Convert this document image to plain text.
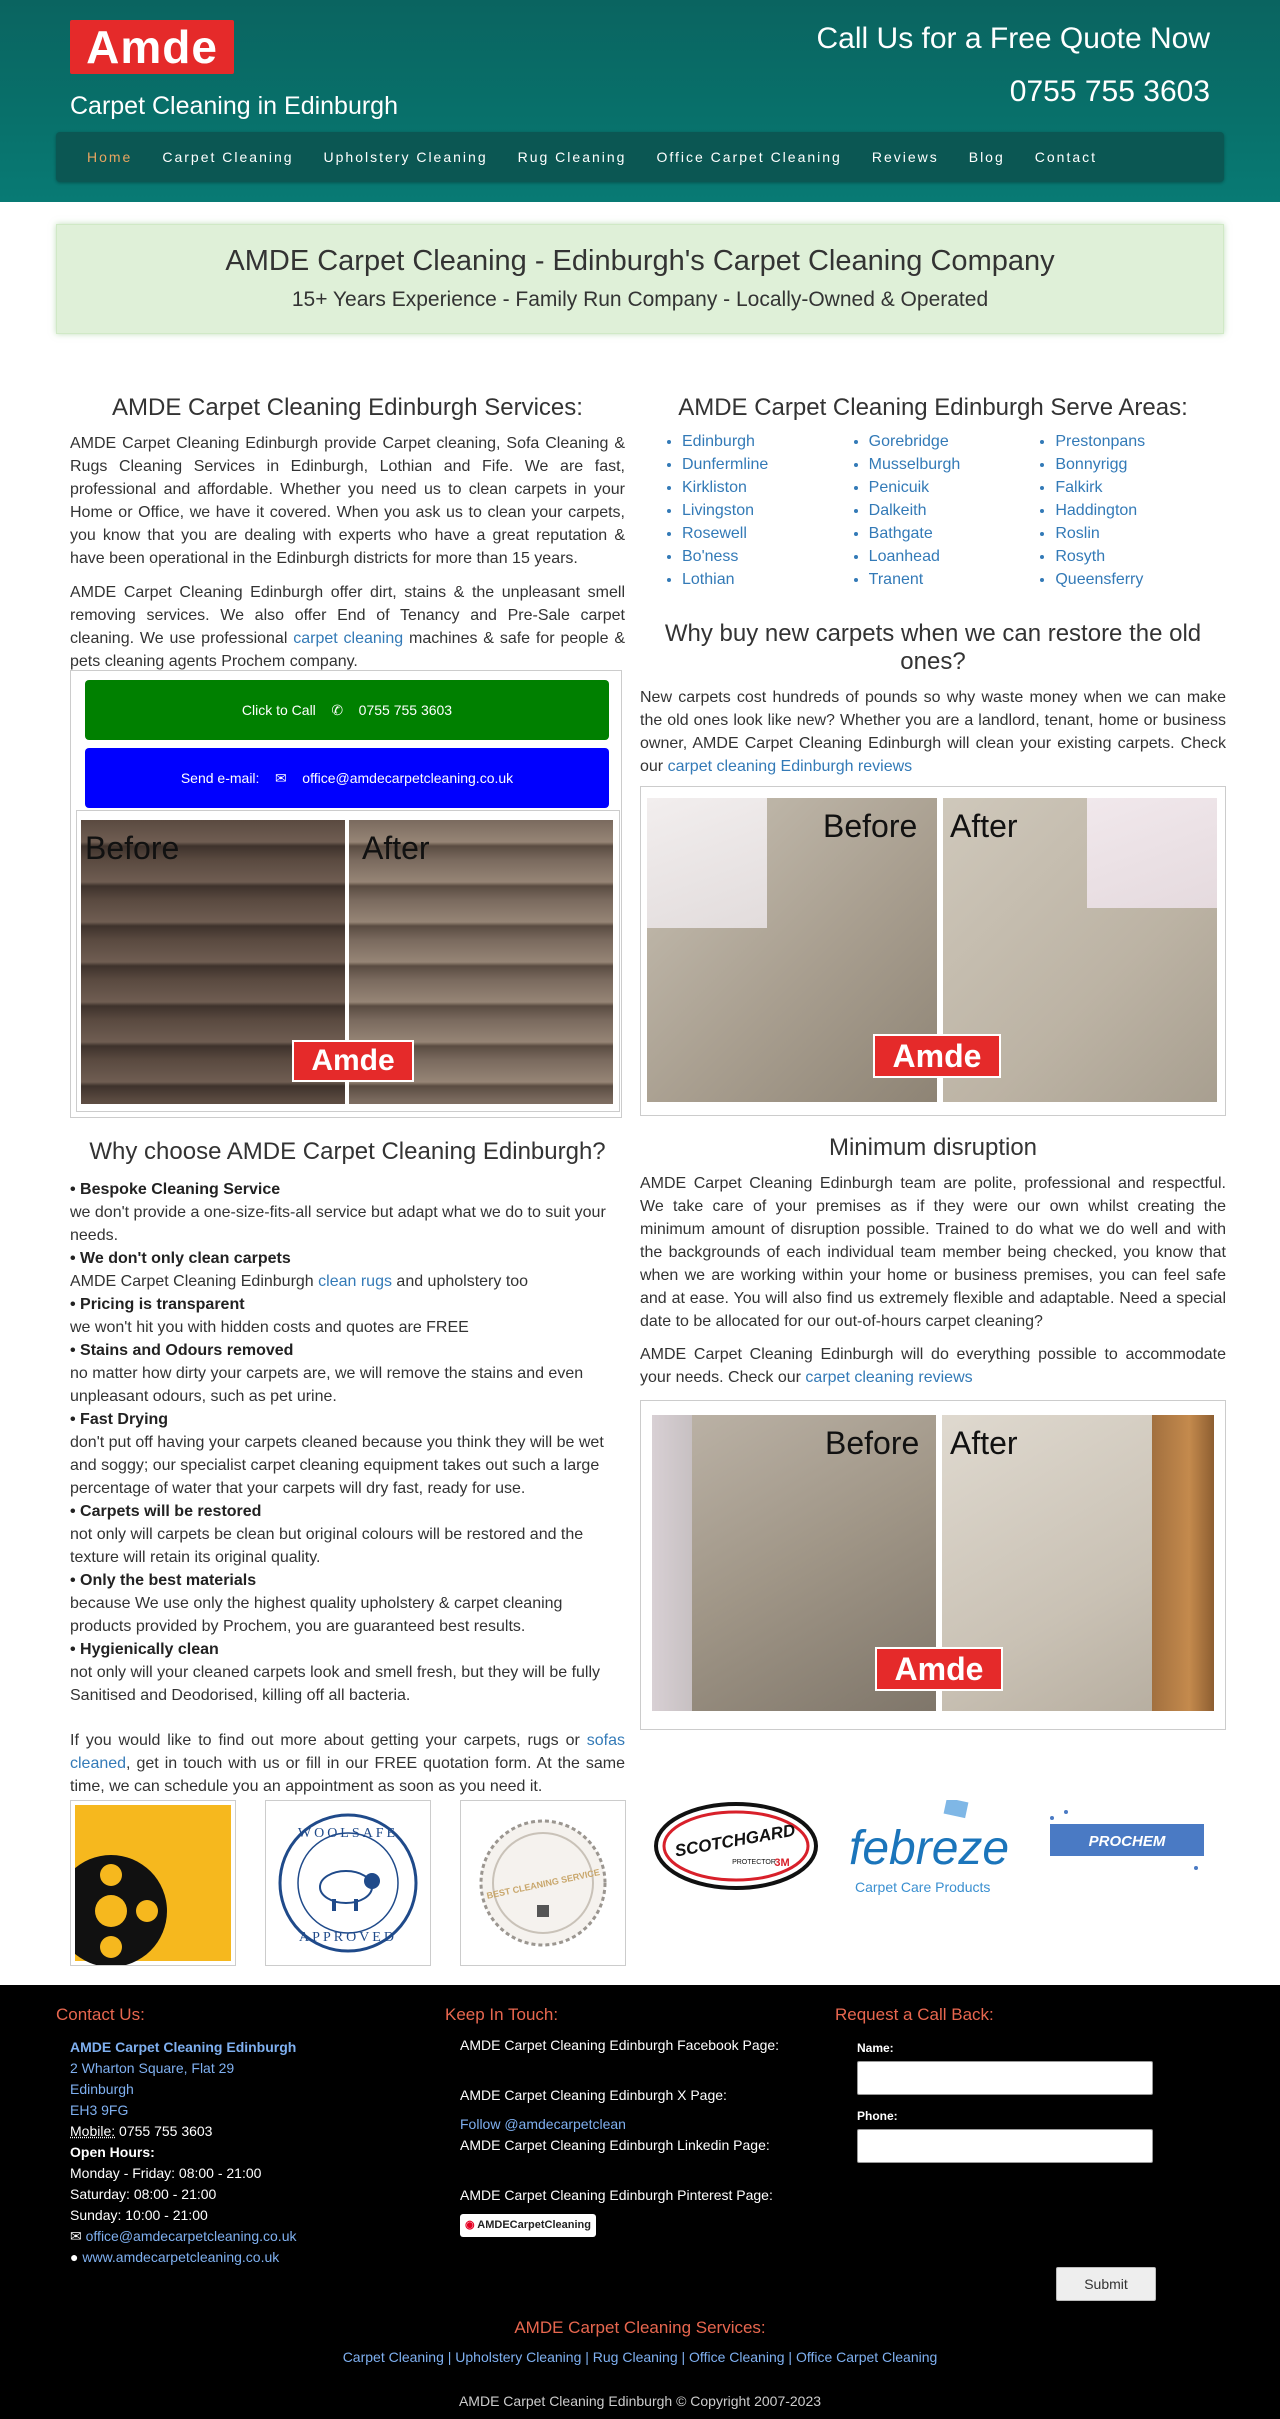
Amde
Carpet Cleaning in Edinburgh
Call Us for a Free Quote Now
0755 755 3603
Home	Carpet Cleaning	Upholstery Cleaning	Rug Cleaning	Office Carpet Cleaning	Reviews	Blog	Contact
AMDE Carpet Cleaning - Edinburgh's Carpet Cleaning Company
15+ Years Experience - Family Run Company - Locally-Owned & Operated
AMDE Carpet Cleaning Edinburgh Services:

AMDE Carpet Cleaning Edinburgh provide Carpet cleaning, Sofa Cleaning & Rugs Cleaning Services in Edinburgh, Lothian and Fife. We are fast, professional and affordable. Whether you need us to clean carpets in your Home or Office, we have it covered. When you ask us to clean your carpets, you know that you are dealing with experts who have a great reputation & have been operational in the Edinburgh districts for more than 15 years.

AMDE Carpet Cleaning Edinburgh offer dirt, stains & the unpleasant smell removing services. We also offer End of Tenancy and Pre-Sale carpet cleaning. We use professional carpet cleaning machines & safe for people & pets cleaning agents Prochem company.

Click to Call ✆ 0755 755 3603
Send e-mail: ✉ office@amdecarpetcleaning.co.uk
Before	After
Amde
AMDE Carpet Cleaning Edinburgh Serve Areas:
• Edinburgh
• Dunfermline
• Kirkliston
• Livingston
• Rosewell
• Bo'ness
• Lothian
• Gorebridge
• Musselburgh
• Penicuik
• Dalkeith
• Bathgate
• Loanhead
• Tranent
• Prestonpans
• Bonnyrigg
• Falkirk
• Haddington
• Roslin
• Rosyth
• Queensferry
Why buy new carpets when we can restore the old ones?

New carpets cost hundreds of pounds so why waste money when we can make the old ones look like new? Whether you are a landlord, tenant, home or business owner, AMDE Carpet Cleaning Edinburgh will clean your existing carpets. Check our carpet cleaning Edinburgh reviews

Before After
Amde
Why choose AMDE Carpet Cleaning Edinburgh?
• Bespoke Cleaning Service
we don't provide a one-size-fits-all service but adapt what we do to suit your needs.
• We don't only clean carpets
AMDE Carpet Cleaning Edinburgh clean rugs and upholstery too
• Pricing is transparent
we won't hit you with hidden costs and quotes are FREE
• Stains and Odours removed
no matter how dirty your carpets are, we will remove the stains and even unpleasant odours, such as pet urine.
• Fast Drying
don't put off having your carpets cleaned because you think they will be wet and soggy; our specialist carpet cleaning equipment takes out such a large percentage of water that your carpets will dry fast, ready for use.
• Carpets will be restored
not only will carpets be clean but original colours will be restored and the texture will retain its original quality.
• Only the best materials
because We use only the highest quality upholstery & carpet cleaning products provided by Prochem, you are guaranteed best results.
• Hygienically clean
not only will your cleaned carpets look and smell fresh, but they will be fully Sanitised and Deodorised, killing off all bacteria.

If you would like to find out more about getting your carpets, rugs or sofas cleaned, get in touch with us or fill in our FREE quotation form. At the same time, we can schedule you an appointment as soon as you need it.

Minimum disruption

AMDE Carpet Cleaning Edinburgh team are polite, professional and respectful. We take care of your premises as if they were our own whilst creating the minimum amount of disruption possible. Trained to do what we do well and with the backgrounds of each individual team member being checked, you know that when we are working within your home or business premises, you can feel safe and at ease. You will also find us extremely flexible and adaptable. Need a special date to be allocated for our out-of-hours carpet cleaning?

AMDE Carpet Cleaning Edinburgh will do everything possible to accommodate your needs. Check our carpet cleaning reviews

Before After
Amde
WOOLSAFE
APPROVED
BEST CLEANING SERVICE
SCOTCHGARD
PROTECTOR
3M febreze
Carpet Care Products
PROCHEM
Contact Us:
AMDE Carpet Cleaning Edinburgh
2 Wharton Square, Flat 29
Edinburgh
EH3 9FG
Mobile: 0755 755 3603
Open Hours:
Monday - Friday: 08:00 - 21:00
Saturday: 08:00 - 21:00
Sunday: 10:00 - 21:00
✉ office@amdecarpetcleaning.co.uk
● www.amdecarpetcleaning.co.uk
Keep In Touch:
AMDE Carpet Cleaning Edinburgh Facebook Page:
AMDE Carpet Cleaning Edinburgh X Page:
Follow @amdecarpetclean
AMDE Carpet Cleaning Edinburgh Linkedin Page:
AMDE Carpet Cleaning Edinburgh Pinterest Page:
◉ AMDECarpetCleaning
Request a Call Back:
Name:
Phone:
Submit
AMDE Carpet Cleaning Services:
Carpet Cleaning | Upholstery Cleaning | Rug Cleaning | Office Cleaning | Office Carpet Cleaning
AMDE Carpet Cleaning Edinburgh © Copyright 2007-2023
